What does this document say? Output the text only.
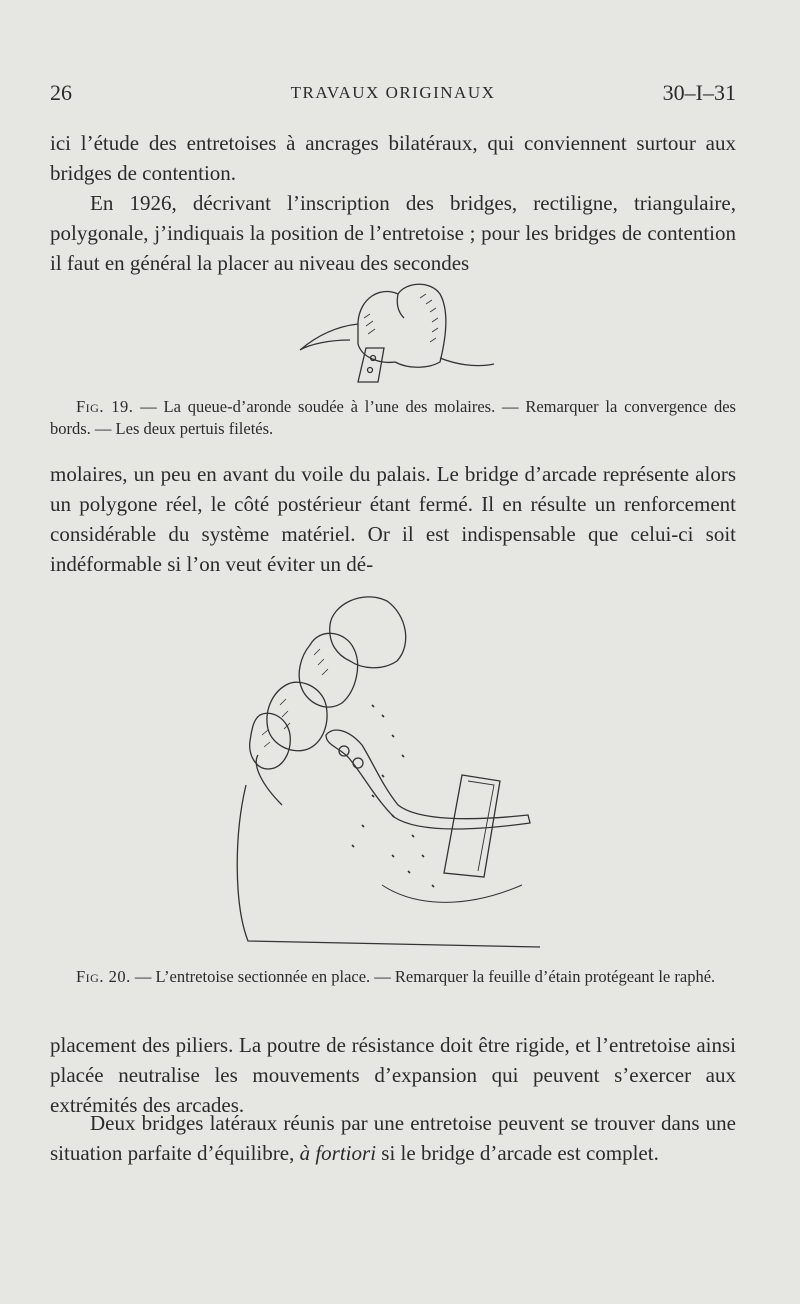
26	TRAVAUX ORIGINAUX	30–I–31

ici l’étude des entretoises à ancrages bilatéraux, qui conviennent surtour aux bridges de contention.

En 1926, décrivant l’inscription des bridges, rectiligne, triangulaire, polygonale, j’indiquais la position de l’entretoise ; pour les bridges de contention il faut en général la placer au niveau des secondes

Fig. 19. — La queue-d’aronde soudée à l’une des molaires. — Remarquer la convergence des bords. — Les deux pertuis filetés.

molaires, un peu en avant du voile du palais. Le bridge d’arcade représente alors un polygone réel, le côté postérieur étant fermé. Il en résulte un renforcement considérable du système matériel. Or il est indispensable que celui-ci soit indéformable si l’on veut éviter un dé-

Fig. 20. — L’entretoise sectionnée en place. — Remarquer la feuille d’étain protégeant le raphé.

placement des piliers. La poutre de résistance doit être rigide, et l’entretoise ainsi placée neutralise les mouvements d’expansion qui peuvent s’exercer aux extrémités des arcades.

Deux bridges latéraux réunis par une entretoise peuvent se trouver dans une situation parfaite d’équilibre, à fortiori si le bridge d’arcade est complet.
